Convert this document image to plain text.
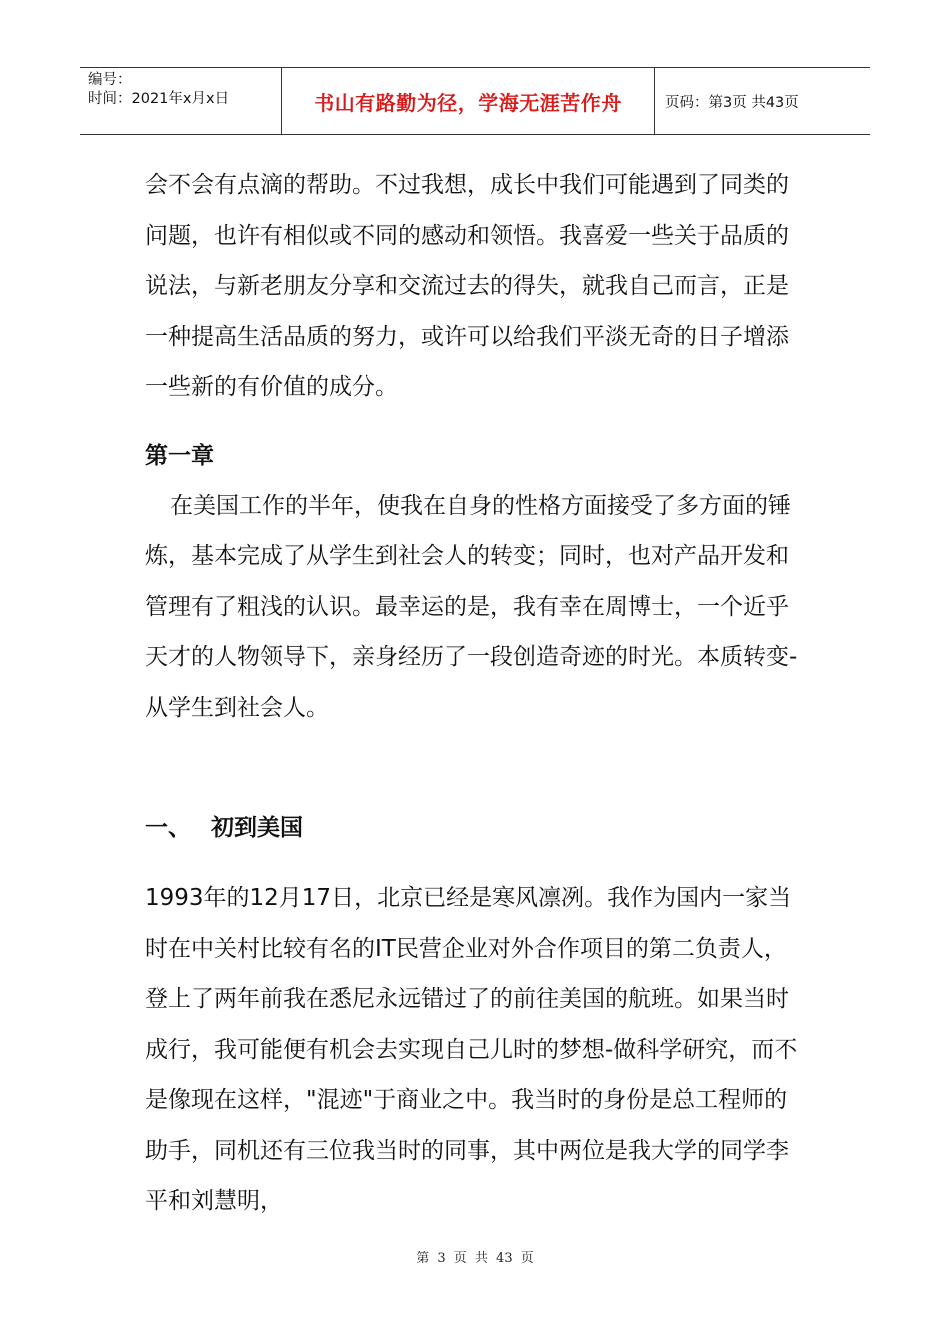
编号：
时间：2021年x月x日	书山有路勤为径，学海无涯苦作舟	页码：第3页 共43页

会不会有点滴的帮助。不过我想，成长中我们可能遇到了同类的问题，也许有相似或不同的感动和领悟。我喜爱一些关于品质的说法，与新老朋友分享和交流过去的得失，就我自己而言，正是一种提高生活品质的努力，或许可以给我们平淡无奇的日子增添一些新的有价值的成分。

第一章

在美国工作的半年，使我在自身的性格方面接受了多方面的锤炼，基本完成了从学生到社会人的转变；同时，也对产品开发和管理有了粗浅的认识。最幸运的是，我有幸在周博士，一个近乎天才的人物领导下，亲身经历了一段创造奇迹的时光。本质转变-从学生到社会人。

一、 初到美国

1993年的12月17日，北京已经是寒风凛冽。我作为国内一家当时在中关村比较有名的IT民营企业对外合作项目的第二负责人，登上了两年前我在悉尼永远错过了的前往美国的航班。如果当时成行，我可能便有机会去实现自己儿时的梦想-做科学研究，而不是像现在这样，"混迹"于商业之中。我当时的身份是总工程师的助手，同机还有三位我当时的同事，其中两位是我大学的同学李平和刘慧明，

第 3 页 共 43 页
